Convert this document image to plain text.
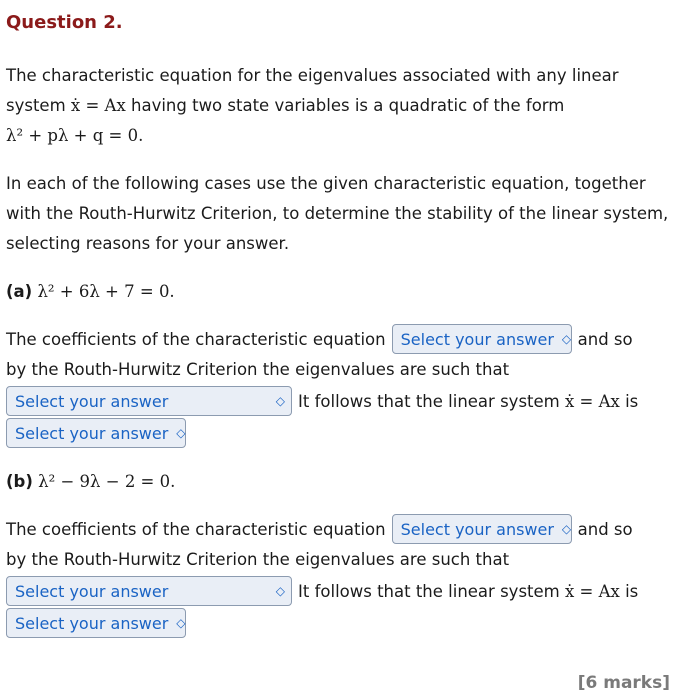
Question 2.

The characteristic equation for the eigenvalues associated with any linear system ẋ = Ax having two state variables is a quadratic of the form

λ² + pλ + q = 0.

In each of the following cases use the given characteristic equation, together with the Routh-Hurwitz Criterion, to determine the stability of the linear system, selecting reasons for your answer.

(a) λ² + 6λ + 7 = 0.

The coefficients of the characteristic equation Select your answer ◇ and so

by the Routh-Hurwitz Criterion the eigenvalues are such that

Select your answer	◇ It follows that the linear system
ẋ = Ax
is
Select your answer ◇

(b) λ² − 9λ − 2 = 0.

The coefficients of the characteristic equation Select your answer ◇ and so

by the Routh-Hurwitz Criterion the eigenvalues are such that

Select your answer	◇ It follows that the linear system
ẋ = Ax
is
Select your answer ◇
[6 marks]
